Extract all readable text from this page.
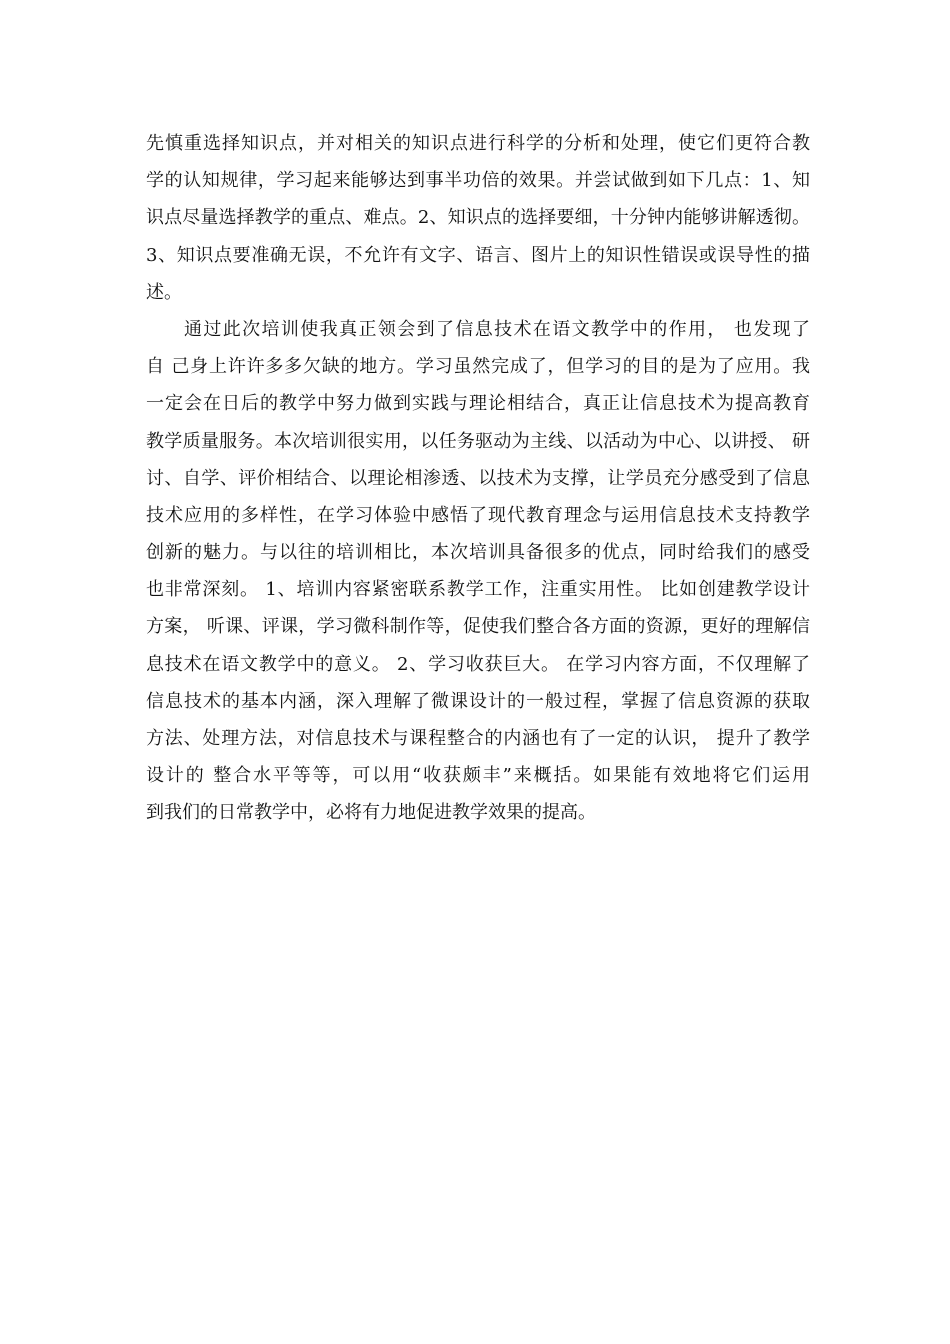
先慎重选择知识点，并对相关的知识点进行科学的分析和处理，使它们更符合教
学的认知规律，学习起来能够达到事半功倍的效果。并尝试做到如下几点：1、知
识点尽量选择教学的重点、难点。2、知识点的选择要细，十分钟内能够讲解透彻。
3、知识点要准确无误，不允许有文字、语言、图片上的知识性错误或误导性的描
述。
通过此次培训使我真正领会到了信息技术在语文教学中的作用， 也发现了
自 己身上许许多多欠缺的地方。学习虽然完成了，但学习的目的是为了应用。我
一定会在日后的教学中努力做到实践与理论相结合，真正让信息技术为提高教育
教学质量服务。本次培训很实用，以任务驱动为主线、以活动为中心、以讲授、 研
讨、自学、评价相结合、以理论相渗透、以技术为支撑，让学员充分感受到了信息
技术应用的多样性，在学习体验中感悟了现代教育理念与运用信息技术支持教学
创新的魅力。与以往的培训相比，本次培训具备很多的优点，同时给我们的感受
也非常深刻。 1、培训内容紧密联系教学工作，注重实用性。 比如创建教学设计
方案， 听课、评课，学习微科制作等，促使我们整合各方面的资源，更好的理解信
息技术在语文教学中的意义。 2、学习收获巨大。 在学习内容方面，不仅理解了
信息技术的基本内涵，深入理解了微课设计的一般过程，掌握了信息资源的获取
方法、处理方法，对信息技术与课程整合的内涵也有了一定的认识， 提升了教学
设计的 整合水平等等，可以用“收获颇丰”来概括。如果能有效地将它们运用
到我们的日常教学中，必将有力地促进教学效果的提高。
